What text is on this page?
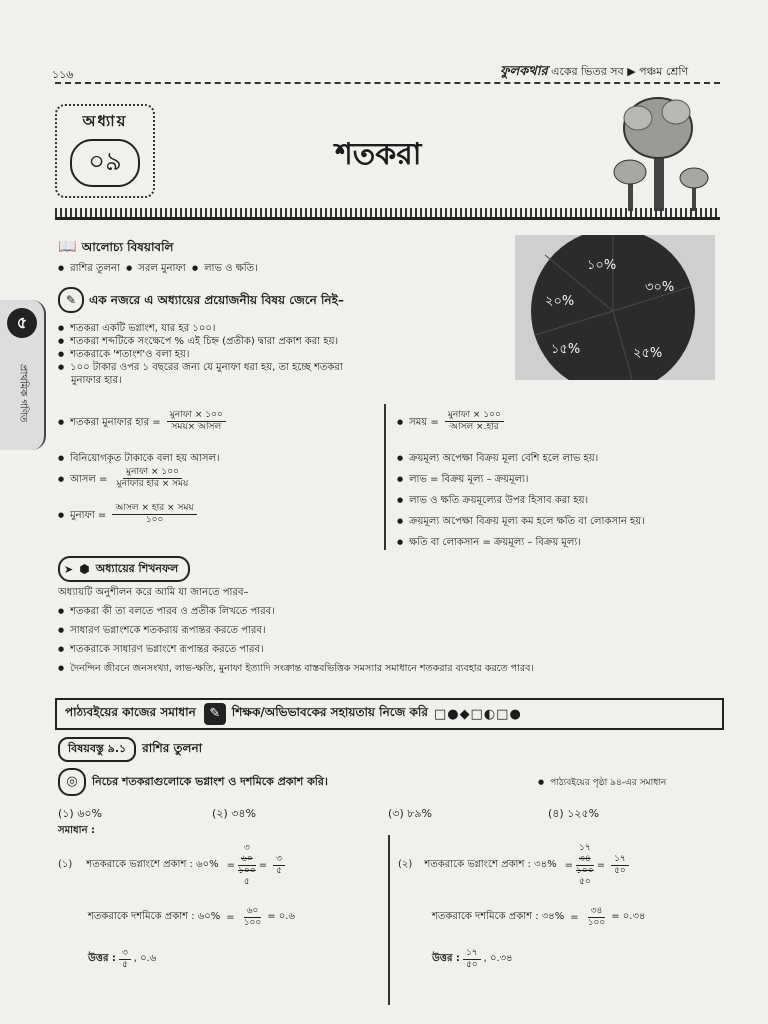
১১৬	ফুলকথার একের ভিতর সব ▶ পঞ্চম শ্রেণি
অধ্যায়
০৯	শতকরা
৫
প্রাথমিক গণিত
📖 আলোচ্য বিষয়াবলি
● রাশির তুলনা ● সরল মুনাফা ● লাভ ও ক্ষতি।	১০%
৩০%
২০%
১৫%	২৫%
✎ এক নজরে এ অধ্যায়ের প্রয়োজনীয় বিষয় জেনে নিই–
● শতকরা একটি ভগ্নাংশ, যার হর ১০০।
● শতকরা শব্দটিকে সংক্ষেপে % এই চিহ্ন (প্রতীক) দ্বারা প্রকাশ করা হয়।
● শতকরাকে 'শতাংশ'ও বলা হয়।
● ১০০ টাকার ওপর ১ বছরের জন্য যে মুনাফা ধরা হয়, তা হচ্ছে শতকরা
মুনাফার হার।
● শতকরা মুনাফার হার = $\frac{\text{মুনাফা × ১০০}}{\text{সময়× আসল}}$
● বিনিয়োগকৃত টাকাকে বলা হয় আসল।
● আসল = $\frac{\text{মুনাফা × ১০০}}{\text{মুনাফার হার × সময়}}$
● মুনাফা = $\frac{\text{আসল × হার × সময়}}{১০০}$
● সময় = $\frac{\text{মুনাফা × ১০০}}{\text{আসল ×.হার}}$
● ক্রয়মূল্য অপেক্ষা বিক্রয় মূল্য বেশি হলে লাভ হয়।
● লাভ = বিক্রয় মূল্য – ক্রয়মূল্য।
● লাভ ও ক্ষতি ক্রয়মূল্যের উপর হিসাব করা হয়।
● ক্রয়মূল্য অপেক্ষা বিক্রয় মূল্য কম হলে ক্ষতি বা লোকসান হয়।
● ক্ষতি বা লোকসান = ক্রয়মূল্য – বিক্রয় মূল্য।
➤ ⬢ অধ্যায়ের শিখনফল
অধ্যায়টি অনুশীলন করে আমি যা জানতে পারব–
● শতকরা কী তা বলতে পারব ও প্রতীক লিখতে পারব।
● সাধারণ ভগ্নাংশকে শতকরায় রূপান্তর করতে পারব।
● শতকরাকে সাধারণ ভগ্নাংশে রূপান্তর করতে পারব।
● দৈনন্দিন জীবনে জনসংখ্যা, লাভ-ক্ষতি, মুনাফা ইত্যাদি সংক্রান্ত বাস্তবভিত্তিক সমস্যার সমাধানে শতকরার ব্যবহার করতে পারব।
পাঠ্যবইয়ের কাজের সমাধান	✎ শিক্ষক/অভিভাবকের সহায়তায় নিজে করি □●◆□◐□●
বিষয়বস্তু ৯.১	রাশির তুলনা
◎	নিচের শতকরাগুলোকে ভগ্নাংশ ও দশমিকে প্রকাশ করি।	● পাঠ্যবইয়ের পৃষ্ঠা ৯৪-এর সমাধান
(১) ৬০%	(২) ৩৪%	(৩) ৮৯%	(৪) ১২৫%
সমাধান :
(১) শতকরাকে ভগ্নাংশে প্রকাশ : ৬০% =
৩
৬০
১০০
৫
= $\frac{৩}{৫}$
শতকরাকে দশমিকে প্রকাশ : ৬০% = $\frac{৬০}{১০০}$ = ০.৬
উত্তর : $\frac{৩}{৫}$ , ০.৬
(২) শতকরাকে ভগ্নাংশে প্রকাশ : ৩৪% =
১৭
৩৪
১০০
৫০
= $\frac{১৭}{৫০}$
শতকরাকে দশমিকে প্রকাশ : ৩৪% = $\frac{৩৪}{১০০}$ = ০.৩৪
উত্তর : $\frac{১৭}{৫০}$ , ০.৩৪
